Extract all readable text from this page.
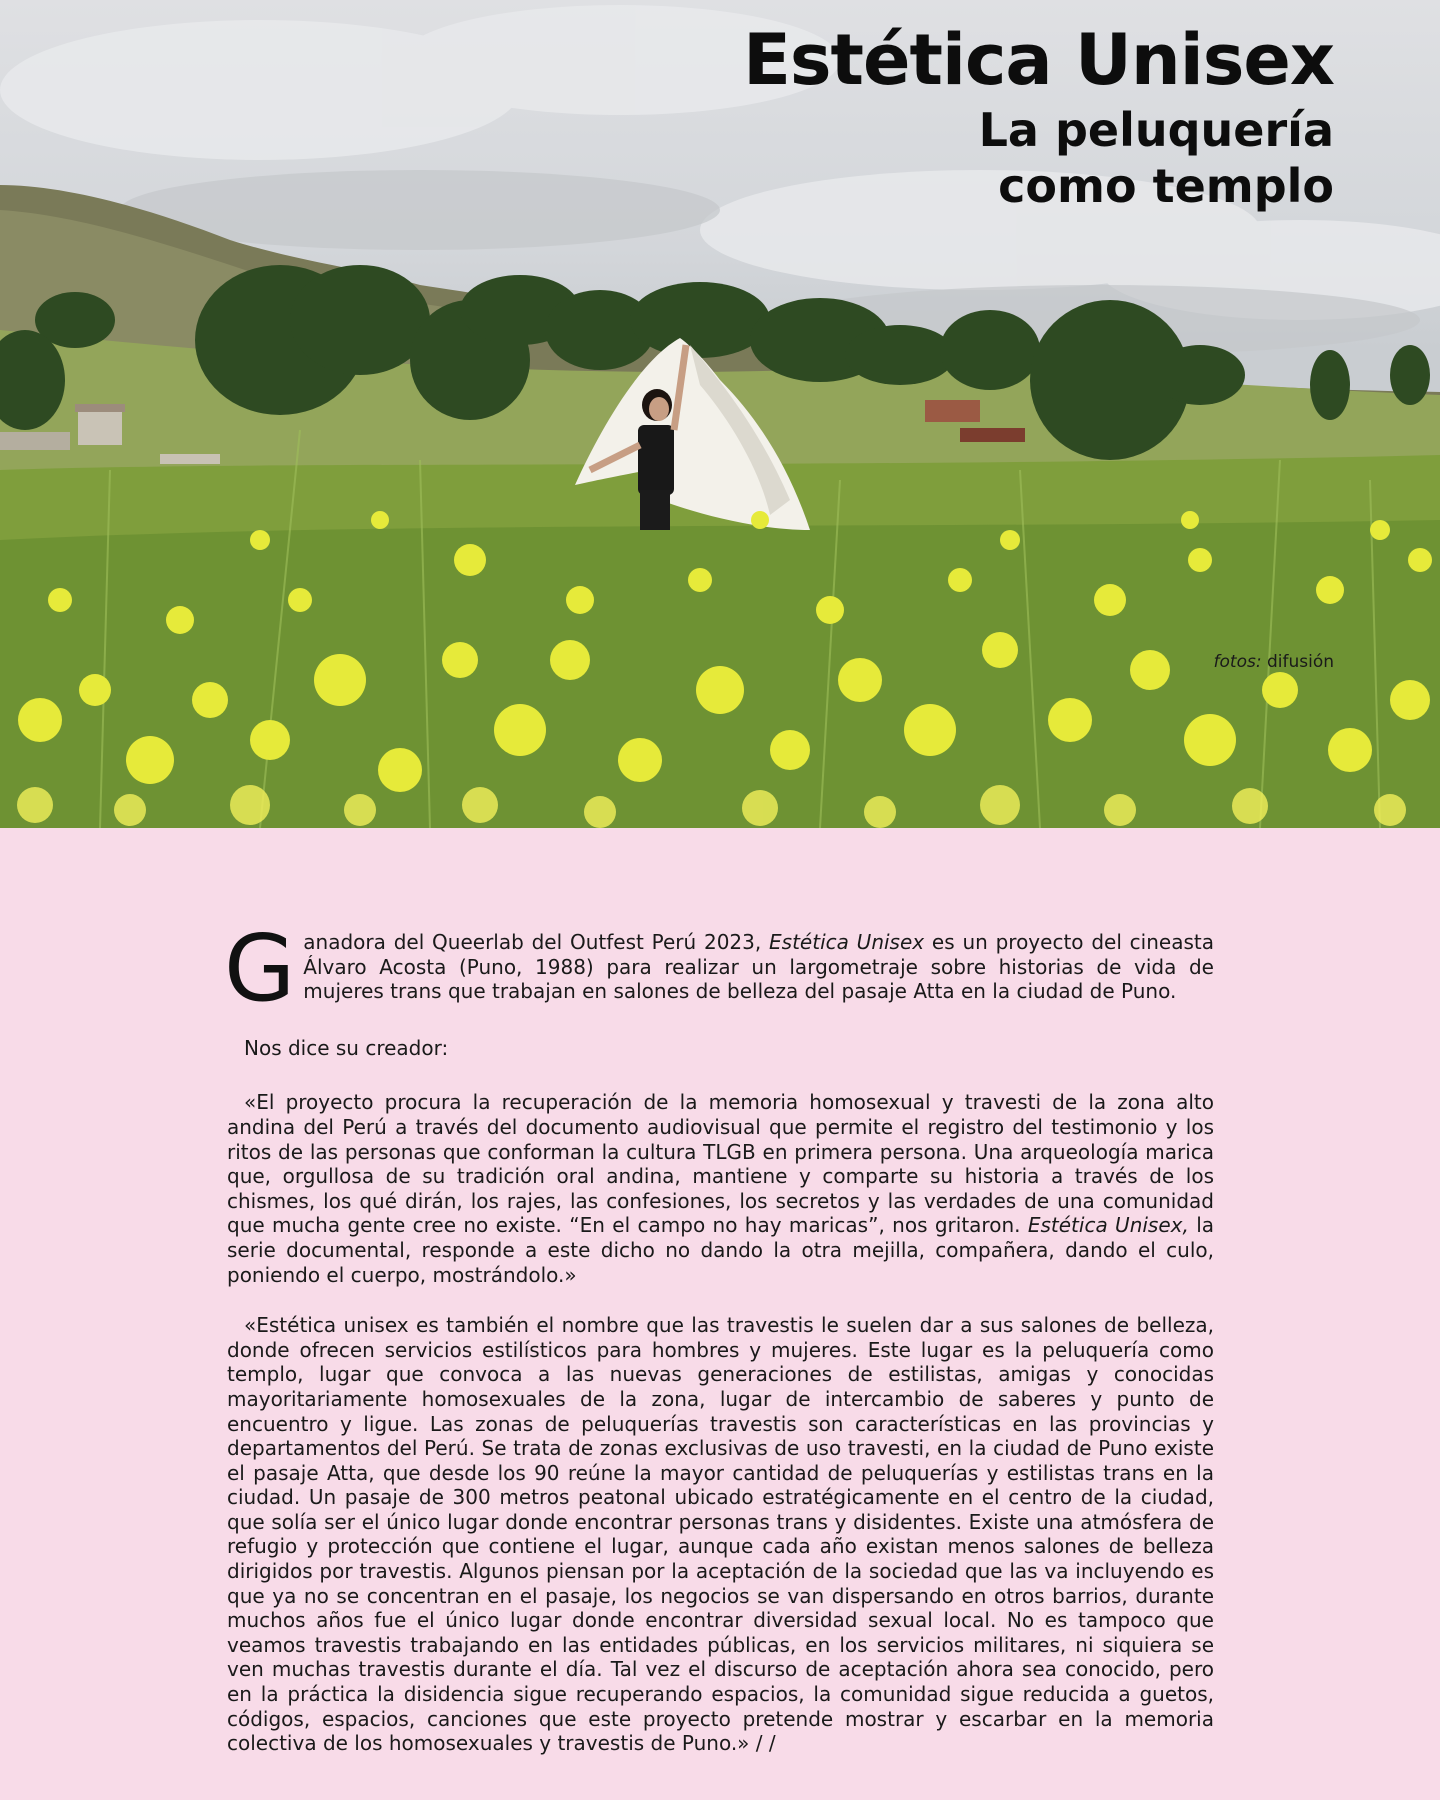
Estética Unisex

La peluquería

como templo

fotos: difusión

Ganadora del Queerlab del Outfest Perú 2023, Estética Unisex es un proyecto del cineasta Álvaro Acosta (Puno, 1988) para realizar un largometraje sobre historias de vida de mujeres trans que trabajan en salones de belleza del pasaje Atta en la ciudad de Puno.

Nos dice su creador:

«El proyecto procura la recuperación de la memoria homosexual y travesti de la zona alto andina del Perú a través del documento audiovisual que permite el registro del testimonio y los ritos de las personas que conforman la cultura TLGB en primera persona. Una arqueología marica que, orgullosa de su tradición oral andina, mantiene y comparte su historia a través de los chismes, los qué dirán, los rajes, las confesiones, los secretos y las verdades de una comunidad que mucha gente cree no existe. “En el campo no hay maricas”, nos gritaron. Estética Unisex, la serie documental, responde a este dicho no dando la otra mejilla, compañera, dando el culo, poniendo el cuerpo, mostrándolo.»

«Estética unisex es también el nombre que las travestis le suelen dar a sus salones de belleza, donde ofrecen servicios estilísticos para hombres y mujeres. Este lugar es la peluquería como templo, lugar que convoca a las nuevas generaciones de estilistas, amigas y conocidas mayoritariamente homosexuales de la zona, lugar de intercambio de saberes y punto de encuentro y ligue. Las zonas de peluquerías travestis son características en las provincias y departamentos del Perú. Se trata de zonas exclusivas de uso travesti, en la ciudad de Puno existe el pasaje Atta, que desde los 90 reúne la mayor cantidad de peluquerías y estilistas trans en la ciudad. Un pasaje de 300 metros peatonal ubicado estratégicamente en el centro de la ciudad, que solía ser el único lugar donde encontrar personas trans y disidentes. Existe una atmósfera de refugio y protección que contiene el lugar, aunque cada año existan menos salones de belleza dirigidos por travestis. Algunos piensan por la aceptación de la sociedad que las va incluyendo es que ya no se concentran en el pasaje, los negocios se van dispersando en otros barrios, durante muchos años fue el único lugar donde encontrar diversidad sexual local. No es tampoco que veamos travestis trabajando en las entidades públicas, en los servicios militares, ni siquiera se ven muchas travestis durante el día. Tal vez el discurso de aceptación ahora sea conocido, pero en la práctica la disidencia sigue recuperando espacios, la comunidad sigue reducida a guetos, códigos, espacios, canciones que este proyecto pretende mostrar y escarbar en la memoria colectiva de los homosexuales y travestis de Puno.» / /
